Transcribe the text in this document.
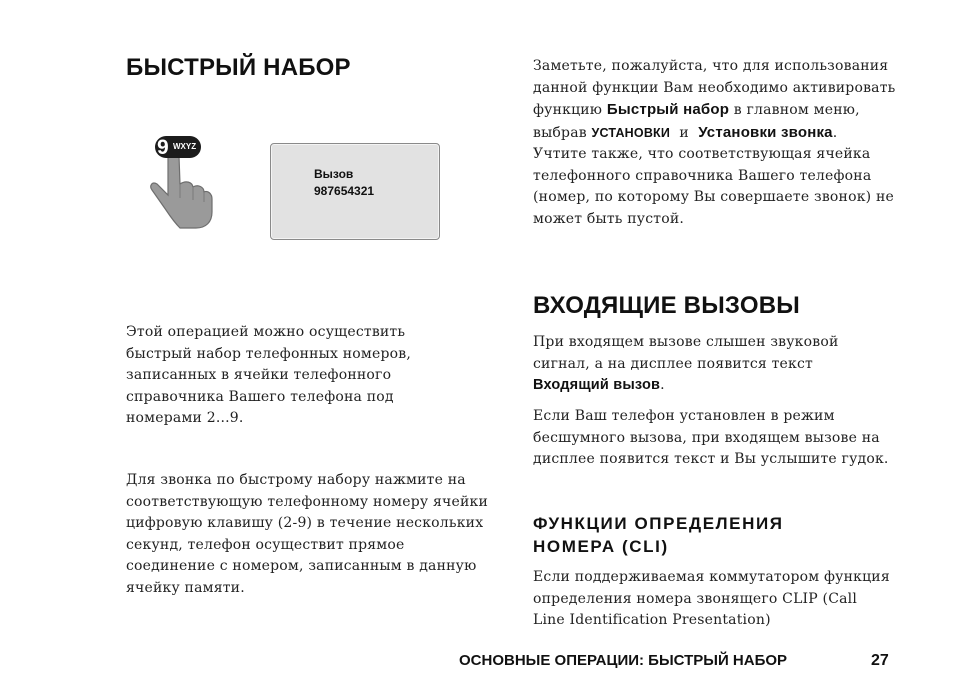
БЫСТРЫЙ НАБОР
9 WXYZ
Вызов
987654321

Этой операцией можно осуществить быстрый набор телефонных номеров, записанных в ячейки телефонного справочника Вашего телефона под номерами 2...9.

Для звонка по быстрому набору нажмите на соответствующую телефонному номеру ячейки цифровую клавишу (2-9) в течение нескольких секунд, телефон осуществит прямое соединение с номером, записанным в данную ячейку памяти.

Заметьте, пожалуйста, что для использования данной функции Вам необходимо активировать функцию Быстрый набор в главном меню, выбрав УСТАНОВКИ и Установки звонка.
Учтите также, что соответствующая ячейка телефонного справочника Вашего телефона (номер, по которому Вы совершаете звонок) не может быть пустой.
ВХОДЯЩИЕ ВЫЗОВЫ
При входящем вызове слышен звуковой сигнал, а на дисплее появится текст Входящий вызов.

Если Ваш телефон установлен в режим бесшумного вызова, при входящем вызове на дисплее появится текст и Вы услышите гудок.

ФУНКЦИИ ОПРЕДЕЛЕНИЯ НОМЕРА (CLI)

Если поддерживаемая коммутатором функция определения номера звонящего CLIP (Call Line Identification Presentation)

ОСНОВНЫЕ ОПЕРАЦИИ: БЫСТРЫЙ НАБОР	27
